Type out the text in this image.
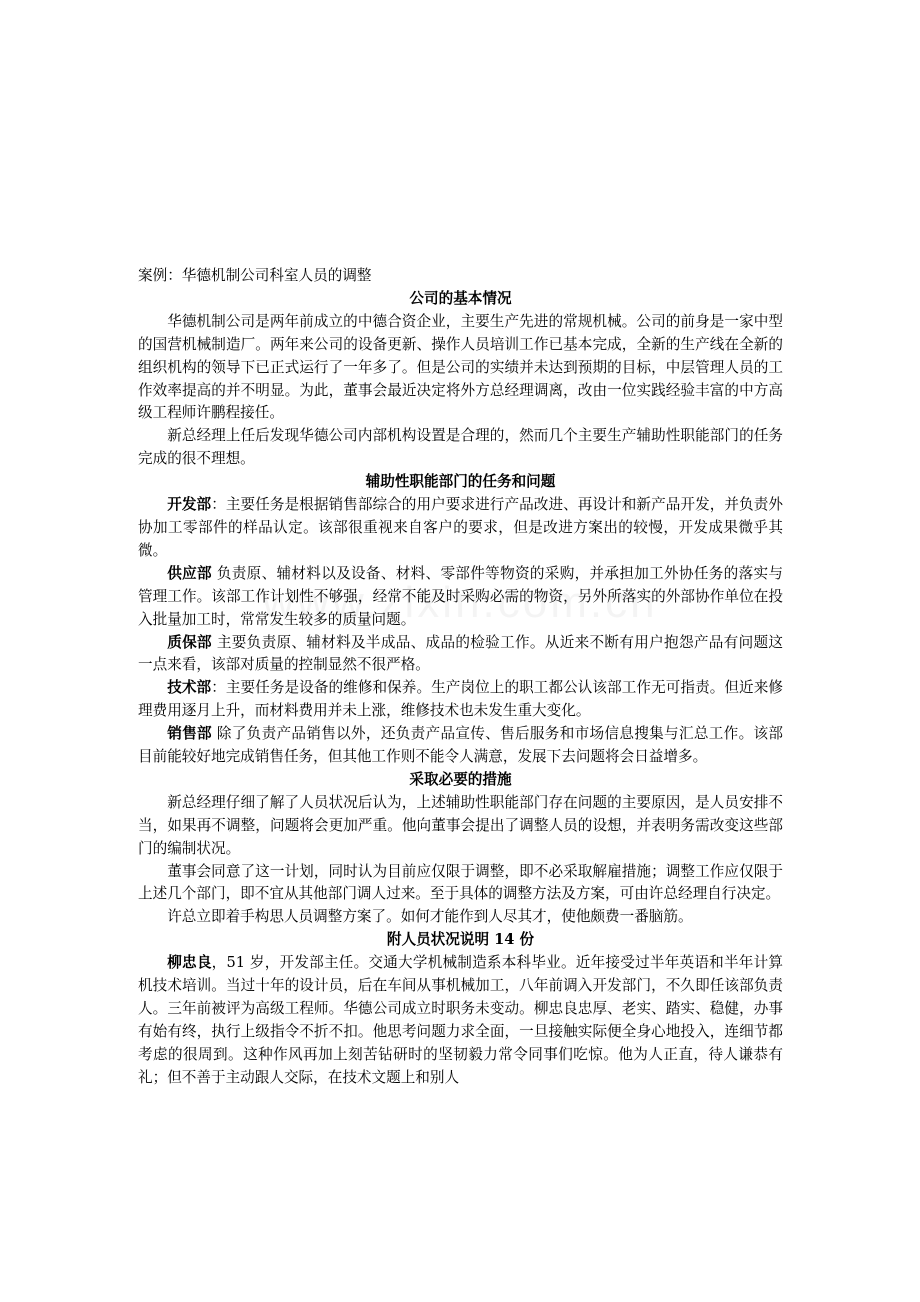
案例：华德机制公司科室人员的调整

公司的基本情况

华德机制公司是两年前成立的中德合资企业，主要生产先进的常规机械。公司的前身是一家中型的国营机械制造厂。两年来公司的设备更新、操作人员培训工作已基本完成，全新的生产线在全新的组织机构的领导下已正式运行了一年多了。但是公司的实绩并未达到预期的目标，中层管理人员的工作效率提高的并不明显。为此，董事会最近决定将外方总经理调离，改由一位实践经验丰富的中方高级工程师许鹏程接任。

新总经理上任后发现华德公司内部机构设置是合理的，然而几个主要生产辅助性职能部门的任务完成的很不理想。

辅助性职能部门的任务和问题

开发部：主要任务是根据销售部综合的用户要求进行产品改进、再设计和新产品开发，并负责外协加工零部件的样品认定。该部很重视来自客户的要求，但是改进方案出的较慢，开发成果微乎其微。

供应部 负责原、辅材料以及设备、材料、零部件等物资的采购，并承担加工外协任务的落实与管理工作。该部工作计划性不够强，经常不能及时采购必需的物资，另外所落实的外部协作单位在投入批量加工时，常常发生较多的质量问题。

质保部 主要负责原、辅材料及半成品、成品的检验工作。从近来不断有用户抱怨产品有问题这一点来看，该部对质量的控制显然不很严格。

技术部：主要任务是设备的维修和保养。生产岗位上的职工都公认该部工作无可指责。但近来修理费用逐月上升，而材料费用并未上涨，维修技术也未发生重大变化。

销售部 除了负责产品销售以外，还负责产品宣传、售后服务和市场信息搜集与汇总工作。该部目前能较好地完成销售任务，但其他工作则不能令人满意，发展下去问题将会日益增多。

采取必要的措施

新总经理仔细了解了人员状况后认为，上述辅助性职能部门存在问题的主要原因，是人员安排不当，如果再不调整，问题将会更加严重。他向董事会提出了调整人员的设想，并表明务需改变这些部门的编制状况。

董事会同意了这一计划，同时认为目前应仅限于调整，即不必采取解雇措施；调整工作应仅限于上述几个部门，即不宜从其他部门调人过来。至于具体的调整方法及方案，可由许总经理自行决定。

许总立即着手构思人员调整方案了。如何才能作到人尽其才，使他颇费一番脑筋。

附人员状况说明 14 份

柳忠良，51 岁，开发部主任。交通大学机械制造系本科毕业。近年接受过半年英语和半年计算机技术培训。当过十年的设计员，后在车间从事机械加工，八年前调入开发部门，不久即任该部负责人。三年前被评为高级工程师。华德公司成立时职务未变动。柳忠良忠厚、老实、踏实、稳健，办事有始有终，执行上级指令不折不扣。他思考问题力求全面，一旦接触实际便全身心地投入，连细节都考虑的很周到。这种作风再加上刻苦钻研时的坚韧毅力常令同事们吃惊。他为人正直，待人谦恭有礼；但不善于主动跟人交际，在技术文题上和别人
